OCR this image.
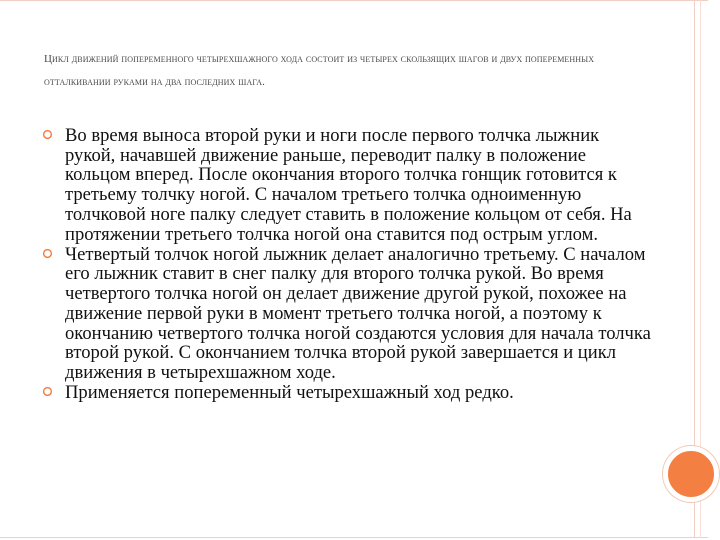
Цикл движений попеременного четырехшажного хода состоит из четырех скользящих шагов и двух попеременных отталкивании руками на два последних шага.
Во время выноса второй руки и ноги после первого толчка лыжник рукой, начавшей движение раньше, переводит палку в положение кольцом вперед. После окончания второго толчка гонщик готовится к третьему толчку ногой. С началом третьего толчка одноименную толчковой ноге палку следует ставить в положение кольцом от себя. На протяжении третьего толчка ногой она ставится под острым углом.
Четвертый толчок ногой лыжник делает аналогично третьему. С началом его лыжник ставит в снег палку для второго толчка рукой. Во время четвертого толчка ногой он делает движение другой рукой, похожее на движение первой руки в момент третьего толчка ногой, а поэтому к окончанию четвертого толчка ногой создаются условия для начала толчка второй рукой. С окончанием толчка второй рукой завершается и цикл движения в четырехшажном ходе.
Применяется попеременный четырехшажный ход редко.
